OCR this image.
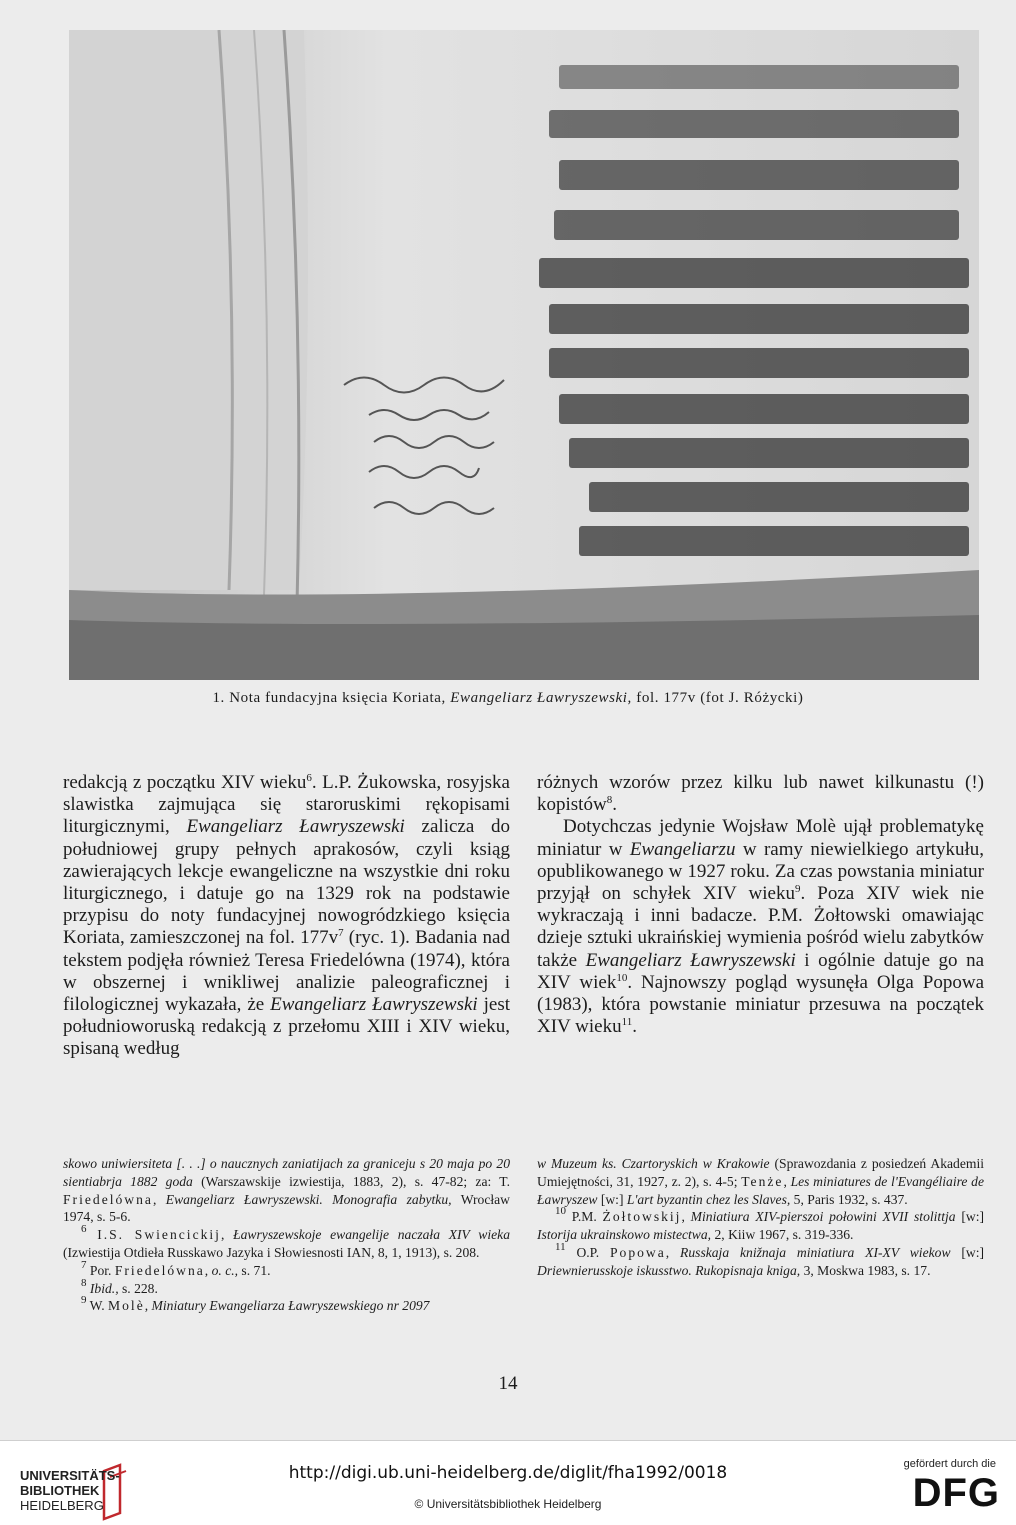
1. Nota fundacyjna księcia Koriata, Ewangeliarz Ławryszewski, fol. 177v (fot J. Różycki)

redakcją z początku XIV wieku$^6$. L.P. Żukowska, rosyjska slawistka zajmująca się staroruskimi rękopisami liturgicznymi, Ewangeliarz Ławryszewski zalicza do południowej grupy pełnych aprakosów, czyli ksiąg zawierających lekcje ewangeliczne na wszystkie dni roku liturgicznego, i datuje go na 1329 rok na podstawie przypisu do noty fundacyjnej nowogródzkiego księcia Koriata, zamieszczonej na fol. $177v^7$ (ryc. 1). Badania nad tekstem podjęła również Teresa Friedelówna (1974), która w obszernej i wnikliwej analizie paleograficznej i filologicznej wykazała, że Ewangeliarz Ławryszewski jest południoworuską redakcją z przełomu XIII i XIV wieku, spisaną według

różnych wzorów przez kilku lub nawet kilkunastu (!) kopistów$^8$.

Dotychczas jedynie Wojsław Molè ujął problematykę miniatur w Ewangeliarzu w ramy niewielkiego artykułu, opublikowanego w 1927 roku. Za czas powstania miniatur przyjął on schyłek XIV wieku$^9$. Poza XIV wiek nie wykraczają i inni badacze. P.M. Żołtowski omawiając dzieje sztuki ukraińskiej wymienia pośród wielu zabytków także Ewangeliarz Ławryszewski i ogólnie datuje go na XIV wiek$^{10}$. Najnowszy pogląd wysunęła Olga Popowa (1983), która powstanie miniatur przesuwa na początek XIV wieku$^{11}$.

skowo uniwiersiteta [. . .] o naucznych zaniatijach za graniceju s 20 maja po 20 sientiabrja 1882 goda (Warszawskije izwiestija, 1883, 2), s. 47-82; za: T. Friedelówna, Ewangeliarz Ławryszewski. Monografia zabytku, Wrocław 1974, s. 5-6.

$^6$ I.S. Swiencickij, Ławryszewskoje ewangelije naczała XIV wieka (Izwiestija Otdieła Russkawo Jazyka i Słowiesnosti IAN, 8, 1, 1913), s. 208.

$^7$ Por. Friedelówna, o. c., s. 71.

$^8$ Ibid., s. 228.

$^9$ W. Molè, Miniatury Ewangeliarza Ławryszewskiego nr 2097

w Muzeum ks. Czartoryskich w Krakowie (Sprawozdania z posiedzeń Akademii Umiejętności, 31, 1927, z. 2), s. 4-5; Tenże, Les miniatures de l'Evangéliaire de Ławryszew [w:] L'art byzantin chez les Slaves, 5, Paris 1932, s. 437.

$^{10}$ P.M. Żołtowskij, Miniatiura XIV-pierszoi połowini XVII stolittja [w:] Istorija ukrainskowo mistectwa, 2, Kiiw 1967, s. 319-336.

$^{11}$ O.P. Popowa, Russkaja knižnaja miniatiura XI-XV wiekow [w:] Driewnierusskoje iskusstwo. Rukopisnaja kniga, 3, Moskwa 1983, s. 17.

14
UNIVERSITÄTS-
BIBLIOTHEK
HEIDELBERG
http://digi.ub.uni-heidelberg.de/diglit/fha1992/0018
© Universitätsbibliothek Heidelberg
gefördert durch die
DFG
